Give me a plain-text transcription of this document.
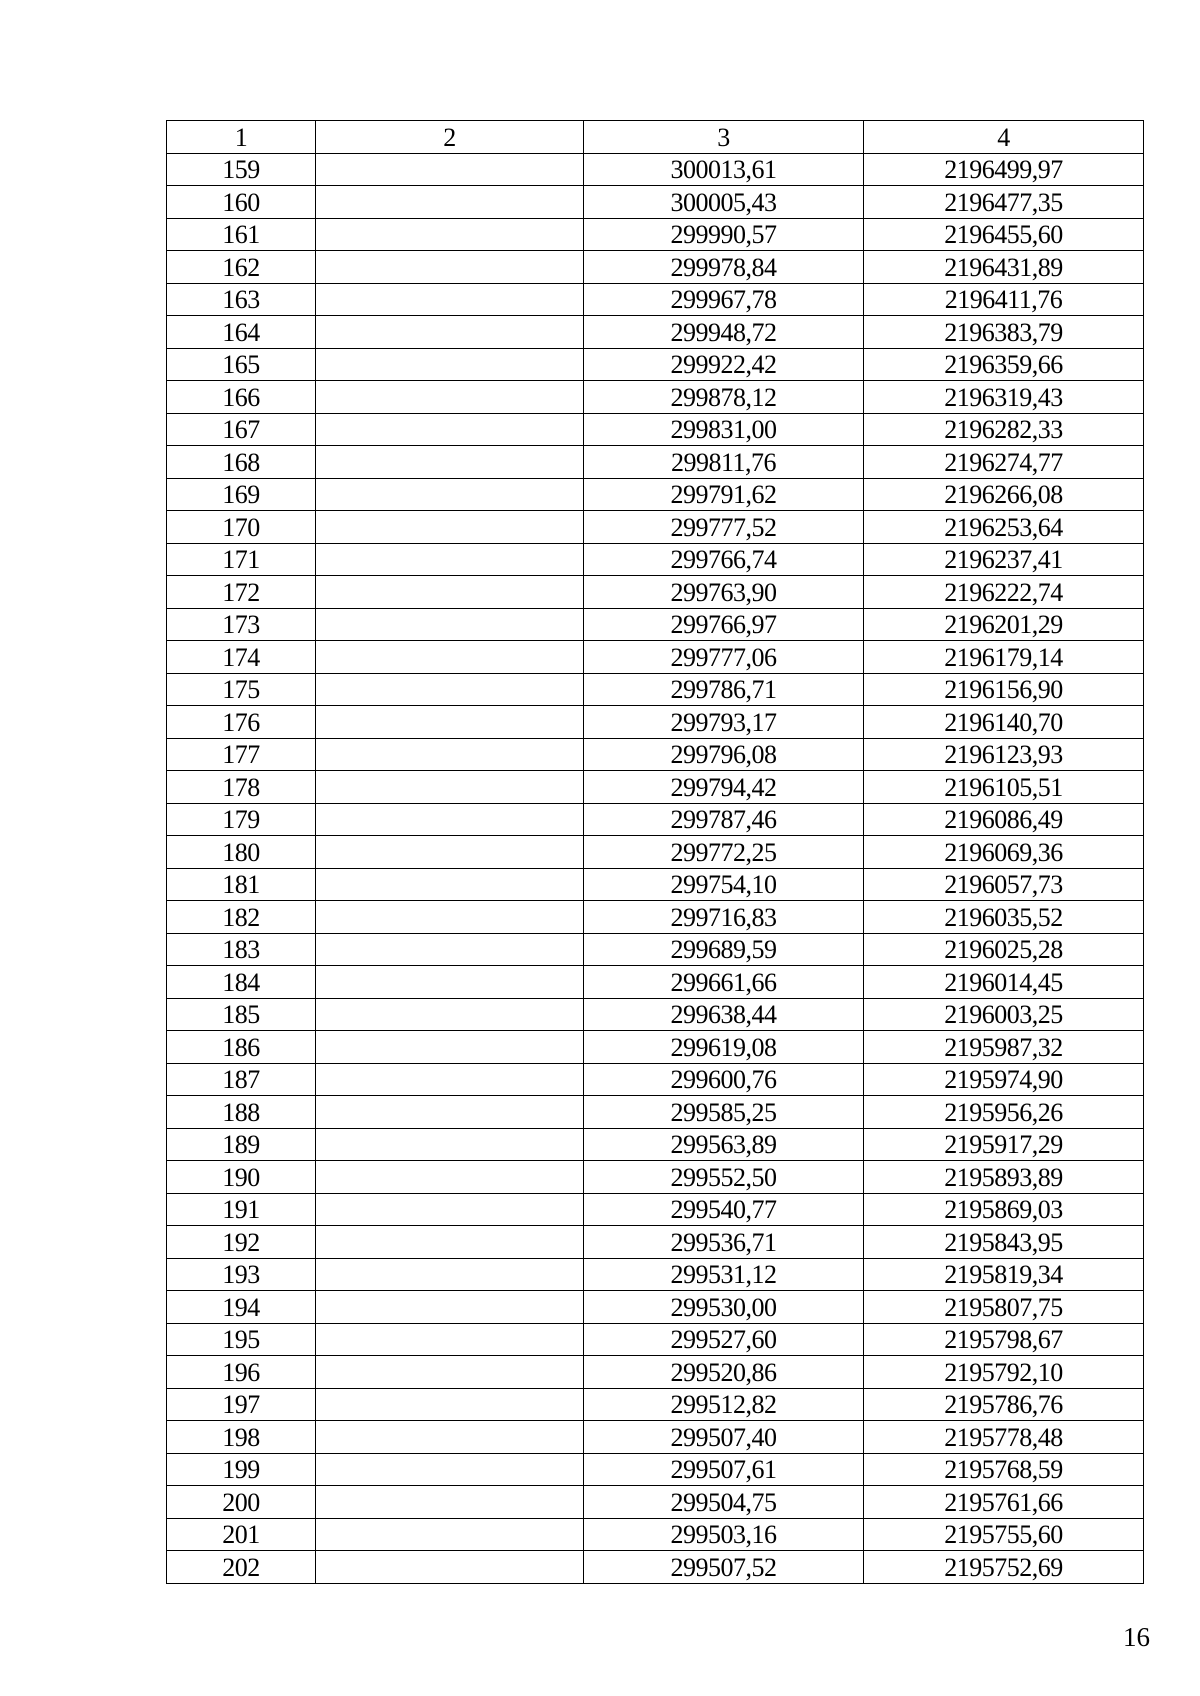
1	2	3	4
159		300013,61	2196499,97
160		300005,43	2196477,35
161		299990,57	2196455,60
162		299978,84	2196431,89
163		299967,78	2196411,76
164		299948,72	2196383,79
165		299922,42	2196359,66
166		299878,12	2196319,43
167		299831,00	2196282,33
168		299811,76	2196274,77
169		299791,62	2196266,08
170		299777,52	2196253,64
171		299766,74	2196237,41
172		299763,90	2196222,74
173		299766,97	2196201,29
174		299777,06	2196179,14
175		299786,71	2196156,90
176		299793,17	2196140,70
177		299796,08	2196123,93
178		299794,42	2196105,51
179		299787,46	2196086,49
180		299772,25	2196069,36
181		299754,10	2196057,73
182		299716,83	2196035,52
183		299689,59	2196025,28
184		299661,66	2196014,45
185		299638,44	2196003,25
186		299619,08	2195987,32
187		299600,76	2195974,90
188		299585,25	2195956,26
189		299563,89	2195917,29
190		299552,50	2195893,89
191		299540,77	2195869,03
192		299536,71	2195843,95
193		299531,12	2195819,34
194		299530,00	2195807,75
195		299527,60	2195798,67
196		299520,86	2195792,10
197		299512,82	2195786,76
198		299507,40	2195778,48
199		299507,61	2195768,59
200		299504,75	2195761,66
201		299503,16	2195755,60
202		299507,52	2195752,69
16
